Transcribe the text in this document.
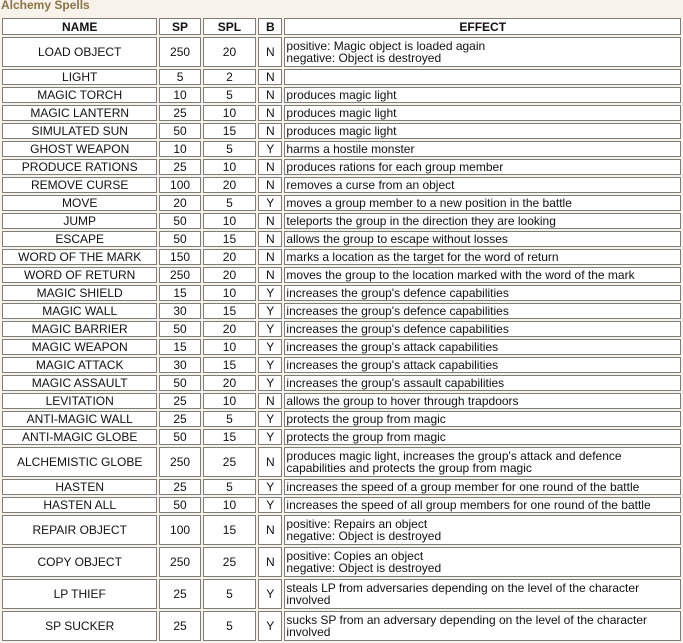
Alchemy Spells
NAME	SP	SPL	B	EFFECT
LOAD OBJECT	250	20	N	positive: Magic object is loaded again
negative: Object is destroyed

LIGHT	5	2	N	

MAGIC TORCH	10	5	N	produces magic light

MAGIC LANTERN	25	10	N	produces magic light

SIMULATED SUN	50	15	N	produces magic light

GHOST WEAPON	10	5	Y	harms a hostile monster

PRODUCE RATIONS	25	10	N	produces rations for each group member

REMOVE CURSE	100	20	N	removes a curse from an object

MOVE	20	5	Y	moves a group member to a new position in the battle

JUMP	50	10	N	teleports the group in the direction they are looking

ESCAPE	50	15	N	allows the group to escape without losses

WORD OF THE MARK	150	20	N	marks a location as the target for the word of return

WORD OF RETURN	250	20	N	moves the group to the location marked with the word of the mark

MAGIC SHIELD	15	10	Y	increases the group's defence capabilities

MAGIC WALL	30	15	Y	increases the group's defence capabilities

MAGIC BARRIER	50	20	Y	increases the group's defence capabilities

MAGIC WEAPON	15	10	Y	increases the group's attack capabilities

MAGIC ATTACK	30	15	Y	increases the group's attack capabilities

MAGIC ASSAULT	50	20	Y	increases the group's assault capabilities

LEVITATION	25	10	N	allows the group to hover through trapdoors

ANTI-MAGIC WALL	25	5	Y	protects the group from magic

ANTI-MAGIC GLOBE	50	15	Y	protects the group from magic

ALCHEMISTIC GLOBE	250	25	N	produces magic light, increases the group's attack and defence
capabilities and protects the group from magic

HASTEN	25	5	Y	increases the speed of a group member for one round of the battle

HASTEN ALL	50	10	Y	increases the speed of all group members for one round of the battle

REPAIR OBJECT	100	15	N	positive: Repairs an object
negative: Object is destroyed

COPY OBJECT	250	25	N	positive: Copies an object
negative: Object is destroyed

LP THIEF	25	5	Y	steals LP from adversaries depending on the level of the character
involved

SP SUCKER	25	5	Y	sucks SP from an adversary depending on the level of the character
involved
